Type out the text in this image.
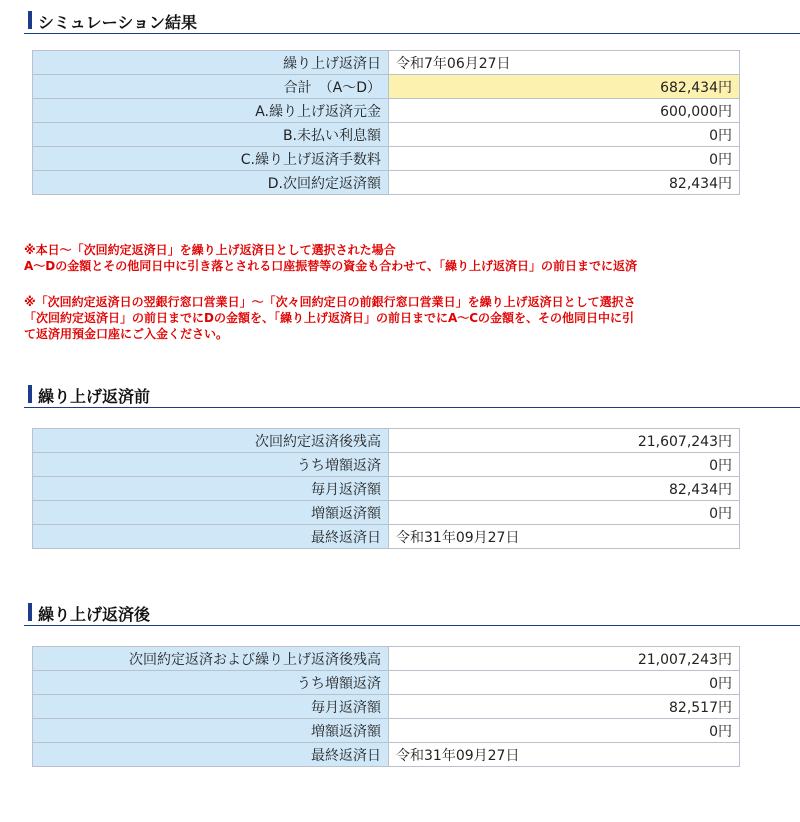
シミュレーション結果
繰り上げ返済日	令和7年06月27日
合計　（A～D）	682,434円
A.繰り上げ返済元金	600,000円
B.未払い利息額	0円
C.繰り上げ返済手数料	0円
D.次回約定返済額	82,434円

※本日～「次回約定返済日」を繰り上げ返済日として選択された場合

A～Dの金額とその他同日中に引き落とされる口座振替等の資金も合わせて、「繰り上げ返済日」の前日までに返済

※「次回約定返済日の翌銀行窓口営業日」～「次々回約定日の前銀行窓口営業日」を繰り上げ返済日として選択さ

「次回約定返済日」の前日までにDの金額を、「繰り上げ返済日」の前日までにA～Cの金額を、その他同日中に引

て返済用預金口座にご入金ください。

繰り上げ返済前
次回約定返済後残高	21,607,243円
うち増額返済	0円
毎月返済額	82,434円
増額返済額	0円
最終返済日	令和31年09月27日
繰り上げ返済後
次回約定返済および繰り上げ返済後残高	21,007,243円
うち増額返済	0円
毎月返済額	82,517円
増額返済額	0円
最終返済日	令和31年09月27日
